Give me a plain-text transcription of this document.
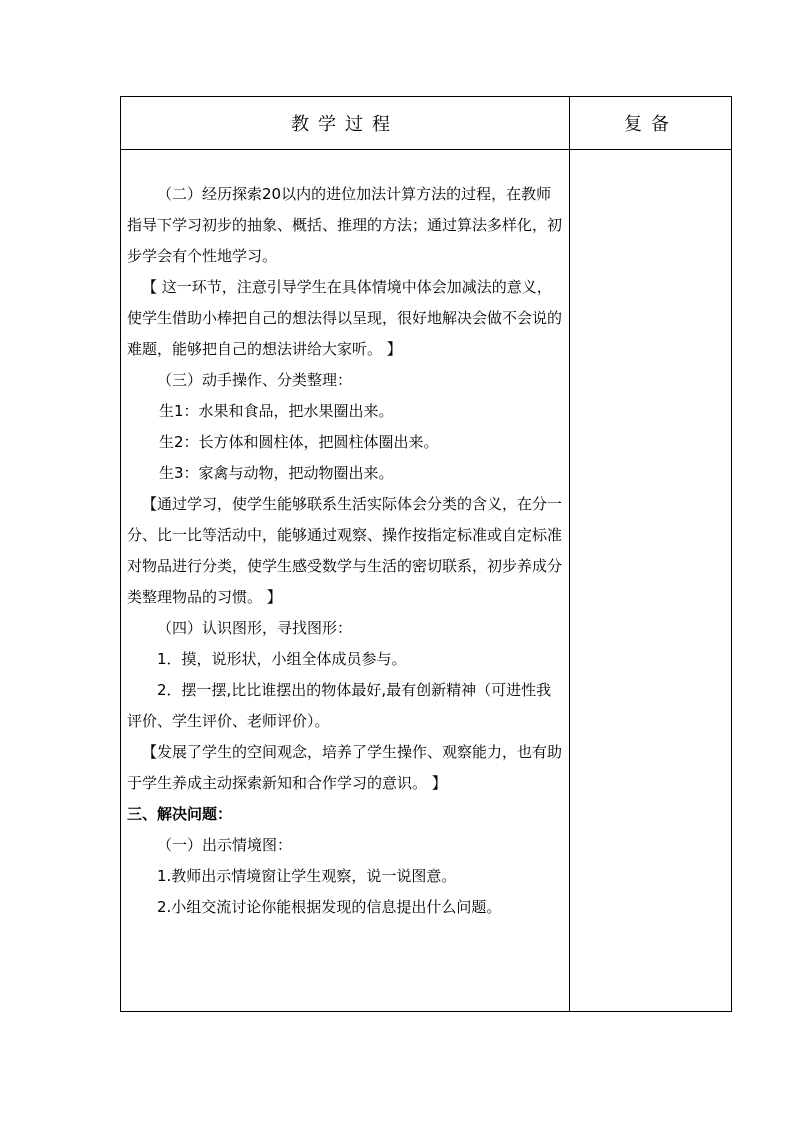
教学过程	复备

（二）经历探索20以内的进位加法计算方法的过程，在教师指导下学习初步的抽象、概括、推理的方法；通过算法多样化，初步学会有个性地学习。

【 这一环节，注意引导学生在具体情境中体会加减法的意义，使学生借助小棒把自己的想法得以呈现，很好地解决会做不会说的难题，能够把自己的想法讲给大家听。 】

（三）动手操作、分类整理：

生1：水果和食品，把水果圈出来。

生2：长方体和圆柱体，把圆柱体圈出来。

生3：家禽与动物，把动物圈出来。

【通过学习，使学生能够联系生活实际体会分类的含义，在分一分、比一比等活动中，能够通过观察、操作按指定标准或自定标准对物品进行分类，使学生感受数学与生活的密切联系，初步养成分类整理物品的习惯。 】

（四）认识图形，寻找图形：

1．摸，说形状，小组全体成员参与。

2．摆一摆,比比谁摆出的物体最好,最有创新精神（可进性我评价、学生评价、老师评价）。

【发展了学生的空间观念，培养了学生操作、观察能力，也有助于学生养成主动探索新知和合作学习的意识。 】

三、解决问题：

（一）出示情境图：

1.教师出示情境窗让学生观察，说一说图意。

2.小组交流讨论你能根据发现的信息提出什么问题。
